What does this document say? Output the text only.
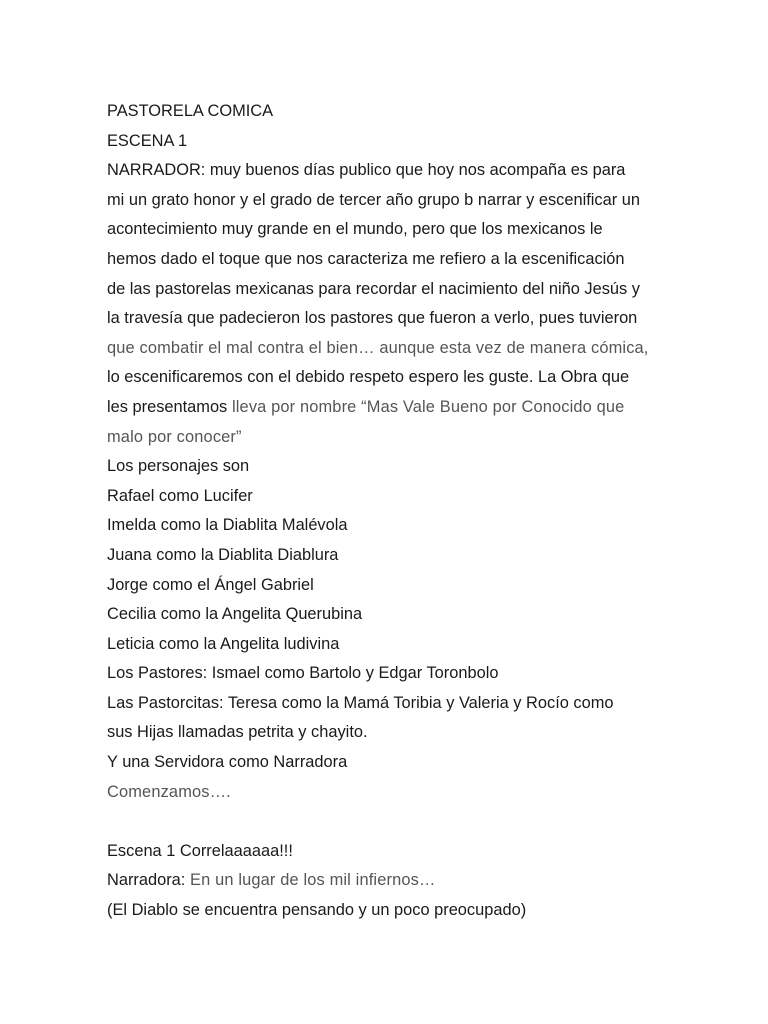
PASTORELA COMICA
ESCENA 1
NARRADOR: muy buenos días publico que hoy nos acompaña es para
mi un grato honor y el grado de tercer año grupo b narrar y escenificar un
acontecimiento muy grande en el mundo, pero que los mexicanos le
hemos dado el toque que nos caracteriza me refiero a la escenificación
de las pastorelas mexicanas para recordar el nacimiento del niño Jesús y
la travesía que padecieron los pastores que fueron a verlo, pues tuvieron
que combatir el mal contra el bien… aunque esta vez de manera cómica,
lo escenificaremos con el debido respeto espero les guste. La Obra que
les presentamos lleva por nombre “Mas Vale Bueno por Conocido que
malo por conocer”
Los personajes son
Rafael como Lucifer
Imelda como la Diablita Malévola
Juana como la Diablita Diablura
Jorge como el Ángel Gabriel
Cecilia como la Angelita Querubina
Leticia como la Angelita ludivina
Los Pastores: Ismael como Bartolo y Edgar Toronbolo
Las Pastorcitas: Teresa como la Mamá Toribia y Valeria y Rocío como
sus Hijas llamadas petrita y chayito.
Y una Servidora como Narradora
Comenzamos….
Escena 1 Correlaaaaaa!!!
Narradora: En un lugar de los mil infiernos…
(El Diablo se encuentra pensando y un poco preocupado)
